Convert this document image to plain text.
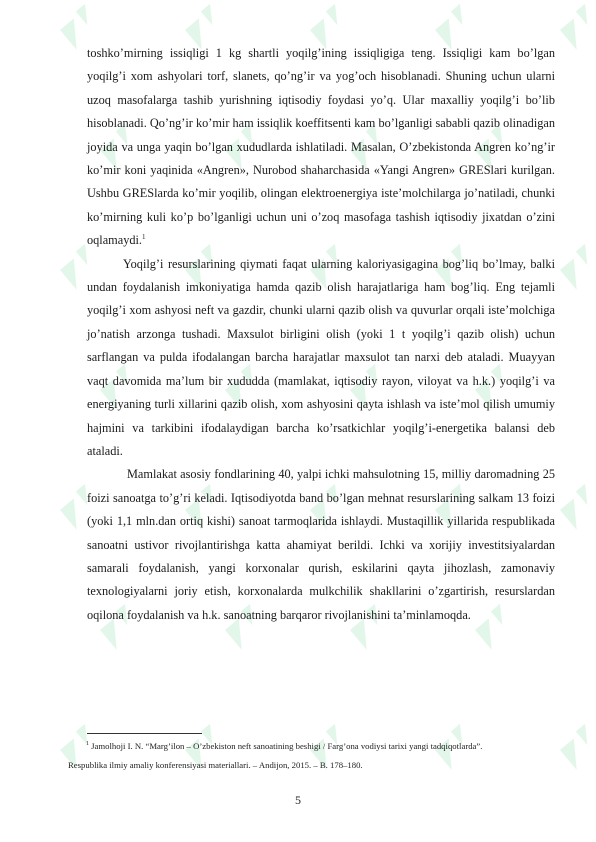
toshko’mirning issiqligi 1 kg shartli yoqilg’ining issiqligiga teng. Issiqligi kam bo’lgan yoqilg’i xom ashyolari torf, slanets, qo’ng’ir va yog’och hisoblanadi. Shuning uchun ularni uzoq masofalarga tashib yurishning iqtisodiy foydasi yo’q. Ular maxalliy yoqilg’i bo’lib hisoblanadi. Qo’ng’ir ko’mir ham issiqlik koeffitsenti kam bo’lganligi sababli qazib olinadigan joyida va unga yaqin bo’lgan xududlarda ishlatiladi. Masalan, O’zbekistonda Angren ko’ng’ir ko’mir koni yaqinida «Angren», Nurobod shaharchasida «Yangi Angren» GRESlari kurilgan. Ushbu GRESlarda ko’mir yoqilib, olingan elektroenergiya iste’molchilarga jo’natiladi, chunki ko’mirning kuli ko’p bo’lganligi uchun uni o’zoq masofaga tashish iqtisodiy jixatdan o’zini oqlamaydi.$^1$

Yoqilg’i resurslarining qiymati faqat ularning kaloriyasigagina bog’liq bo’lmay, balki undan foydalanish imkoniyatiga hamda qazib olish harajatlariga ham bog’liq. Eng tejamli yoqilg’i xom ashyosi neft va gazdir, chunki ularni qazib olish va quvurlar orqali iste’molchiga jo’natish arzonga tushadi. Maxsulot birligini olish (yoki 1 t yoqilg’i qazib olish) uchun sarflangan va pulda ifodalangan barcha harajatlar maxsulot tan narxi deb ataladi. Muayyan vaqt davomida ma’lum bir xududda (mamlakat, iqtisodiy rayon, viloyat va h.k.) yoqilg’i va energiyaning turli xillarini qazib olish, xom ashyosini qayta ishlash va iste’mol qilish umumiy hajmini va tarkibini ifodalaydigan barcha ko’rsatkichlar yoqilg’i-energetika balansi deb ataladi.

Mamlakat asosiy fondlarining 40, yalpi ichki mahsulotning 15, milliy daromadning 25 foizi sanoatga to’g’ri keladi. Iqtisodiyotda band bo’lgan mehnat resurslarining salkam 13 foizi (yoki 1,1 mln.dan ortiq kishi) sanoat tarmoqlarida ishlaydi. Mustaqillik yillarida respublikada sanoatni ustivor rivojlantirishga katta ahamiyat berildi. Ichki va xorijiy investitsiyalardan samarali foydalanish, yangi korxonalar qurish, eskilarini qayta jihozlash, zamonaviy texnologiyalarni joriy etish, korxonalarda mulkchilik shakllarini o’zgartirish, resurslardan oqilona foydalanish va h.k. sanoatning barqaror rivojlanishini ta’minlamoqda.

$^1$ Jamolhoji I. N. “Marg’ilon – O’zbekiston neft sanoatining beshigi / Farg’ona vodiysi tarixi yangi tadqiqotlarda”.
Respublika ilmiy amaliy konferensiyasi materiallari. – Andijon, 2015. – B. 178–180.
5
